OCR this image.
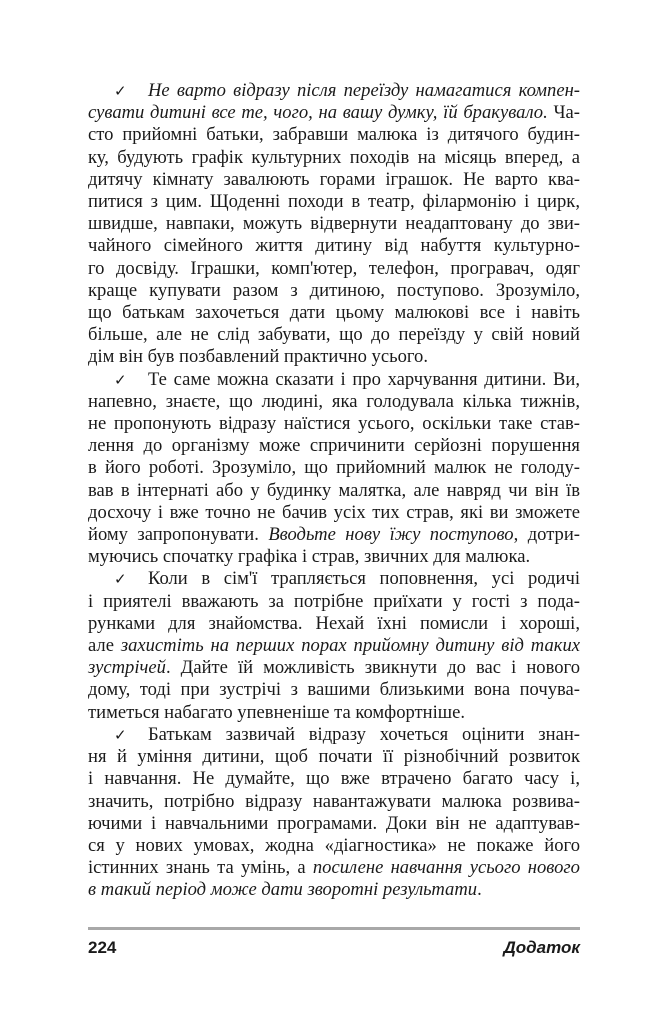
✓ Не варто відразу після переїзду намагатися компен-
сувати дитині все те, чого, на вашу думку, їй бракувало. Ча-
сто прийомні батьки, забравши малюка із дитячого будин-
ку, будують графік культурних походів на місяць вперед, а
дитячу кімнату завалюють горами іграшок. Не варто ква-
питися з цим. Щоденні походи в театр, філармонію і цирк,
швидше, навпаки, можуть відвернути неадаптовану до зви-
чайного сімейного життя дитину від набуття культурно-
го досвіду. Іграшки, комп'ютер, телефон, програвач, одяг
краще купувати разом з дитиною, поступово. Зрозуміло,
що батькам захочеться дати цьому малюкові все і навіть
більше, але не слід забувати, що до переїзду у свій новий
дім він був позбавлений практично усього.
✓ Те саме можна сказати і про харчування дитини. Ви,
напевно, знаєте, що людині, яка голодувала кілька тижнів,
не пропонують відразу наїстися усього, оскільки таке став-
лення до організму може спричинити серйозні порушення
в його роботі. Зрозуміло, що прийомний малюк не голоду-
вав в інтернаті або у будинку малятка, але навряд чи він їв
досхочу і вже точно не бачив усіх тих страв, які ви зможете
йому запропонувати. Вводьте нову їжу поступово, дотри-
муючись спочатку графіка і страв, звичних для малюка.
✓ Коли в сім'ї трапляється поповнення, усі родичі
і приятелі вважають за потрібне приїхати у гості з пода-
рунками для знайомства. Нехай їхні помисли і хороші,
але захистіть на перших порах прийомну дитину від таких
зустрічей. Дайте їй можливість звикнути до вас і нового
дому, тоді при зустрічі з вашими близькими вона почува-
тиметься набагато упевненіше та комфортніше.
✓ Батькам зазвичай відразу хочеться оцінити знан-
ня й уміння дитини, щоб почати її різнобічний розвиток
і навчання. Не думайте, що вже втрачено багато часу і,
значить, потрібно відразу навантажувати малюка розвива-
ючими і навчальними програмами. Доки він не адаптував-
ся у нових умовах, жодна «діагностика» не покаже його
істинних знань та умінь, а посилене навчання усього нового
в такий період може дати зворотні результати.
224	Додаток
